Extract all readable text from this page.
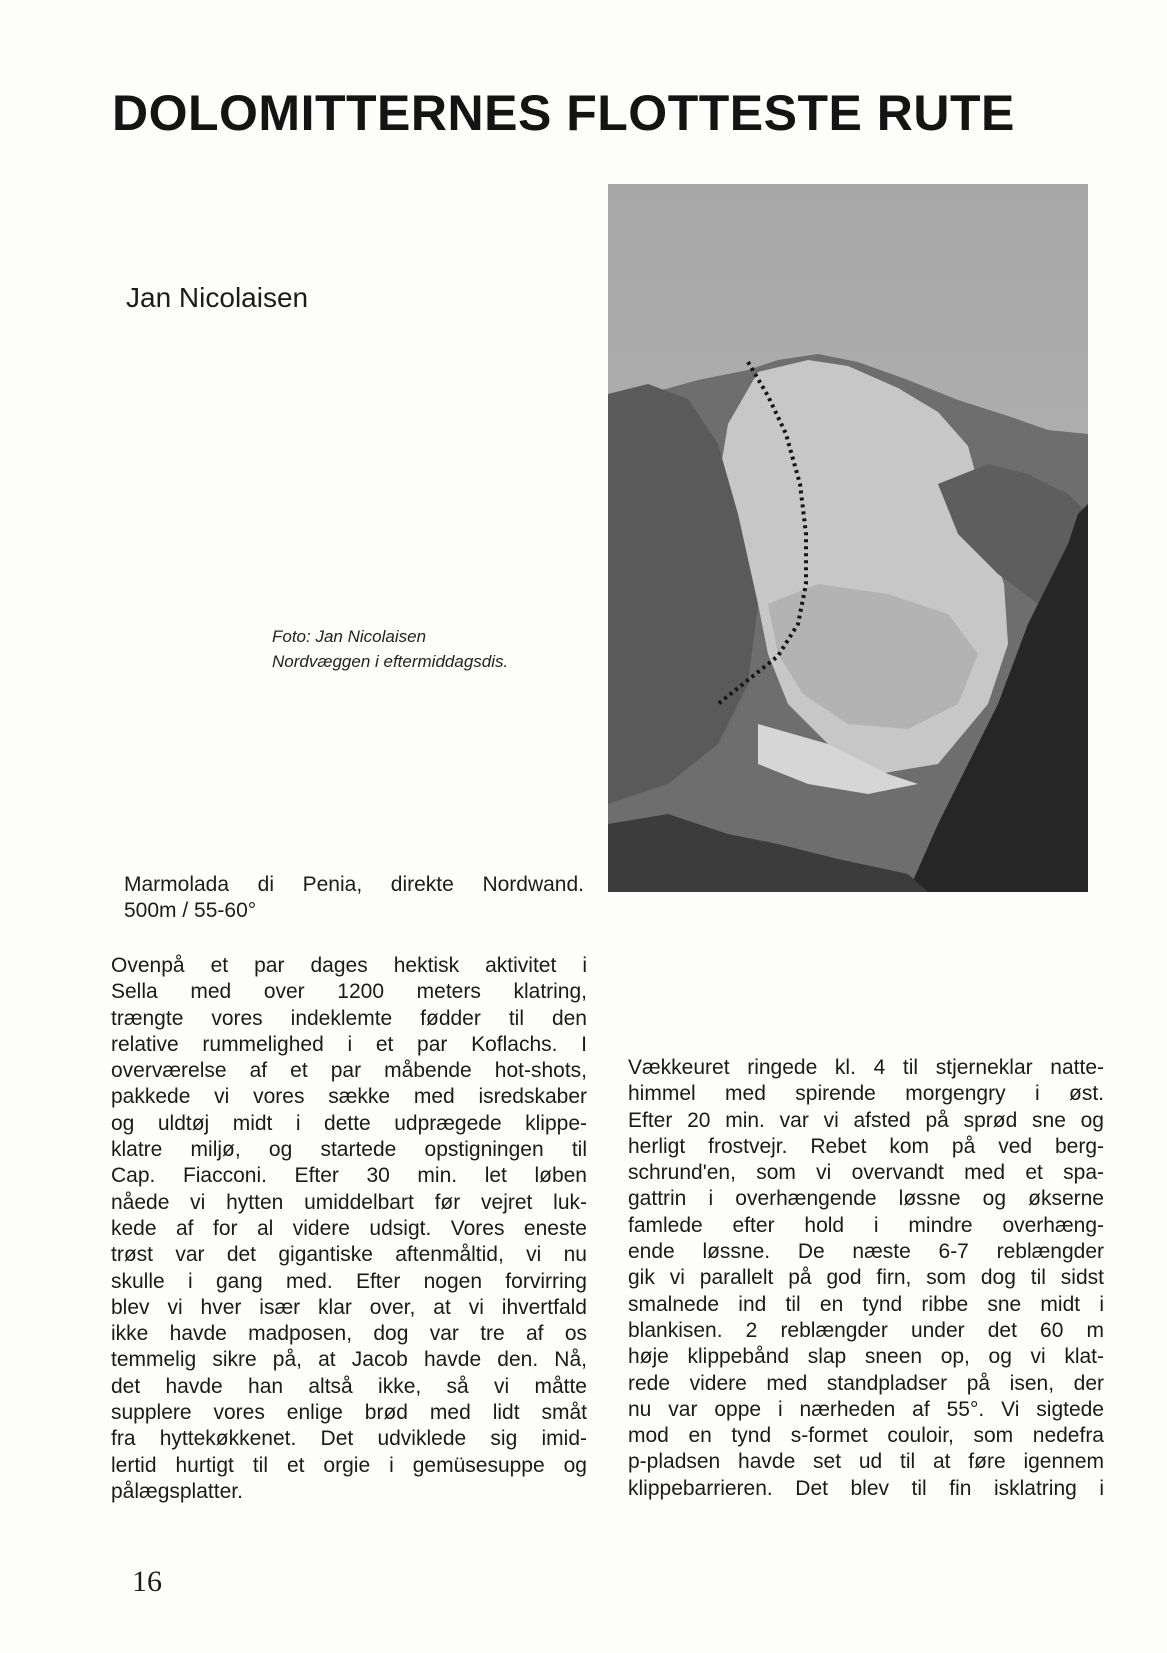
DOLOMITTERNES FLOTTESTE RUTE
Jan Nicolaisen
Foto: Jan Nicolaisen
Nordvæggen i eftermiddagsdis.
Marmolada di Penia, direkte Nordwand.
500m / 55-60°
Ovenpå et par dages hektisk aktivitet i
Sella med over 1200 meters klatring,
trængte vores indeklemte fødder til den
relative rummelighed i et par Koflachs. I
overværelse af et par måbende hot-shots,
pakkede vi vores sække med isredskaber
og uldtøj midt i dette udprægede klippe-
klatre miljø, og startede opstigningen til
Cap. Fiacconi. Efter 30 min. let løben
nåede vi hytten umiddelbart før vejret luk-
kede af for al videre udsigt. Vores eneste
trøst var det gigantiske aftenmåltid, vi nu
skulle i gang med. Efter nogen forvirring
blev vi hver især klar over, at vi ihvertfald
ikke havde madposen, dog var tre af os
temmelig sikre på, at Jacob havde den. Nå,
det havde han altså ikke, så vi måtte
supplere vores enlige brød med lidt småt
fra hyttekøkkenet. Det udviklede sig imid-
lertid hurtigt til et orgie i gemüsesuppe og
pålægsplatter.
Vækkeuret ringede kl. 4 til stjerneklar natte-
himmel med spirende morgengry i øst.
Efter 20 min. var vi afsted på sprød sne og
herligt frostvejr. Rebet kom på ved berg-
schrund'en, som vi overvandt med et spa-
gattrin i overhængende løssne og økserne
famlede efter hold i mindre overhæng-
ende løssne. De næste 6-7 reblængder
gik vi parallelt på god firn, som dog til sidst
smalnede ind til en tynd ribbe sne midt i
blankisen. 2 reblængder under det 60 m
høje klippebånd slap sneen op, og vi klat-
rede videre med standpladser på isen, der
nu var oppe i nærheden af 55°. Vi sigtede
mod en tynd s-formet couloir, som nedefra
p-pladsen havde set ud til at føre igennem
klippebarrieren. Det blev til fin isklatring i
16
